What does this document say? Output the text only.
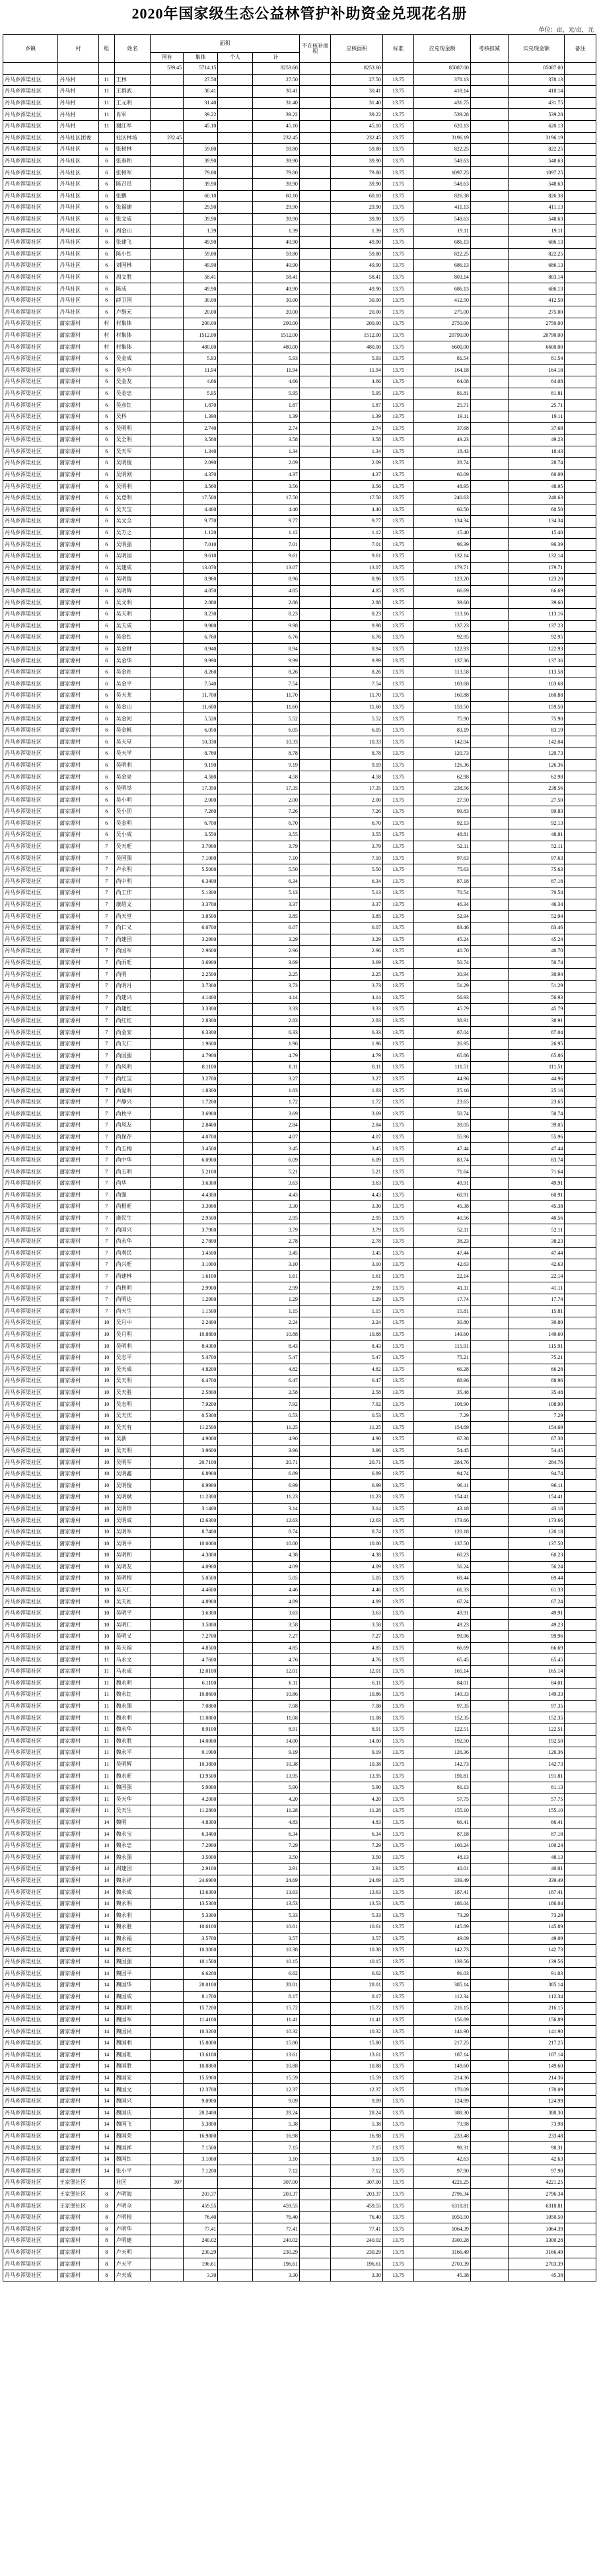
2020年国家级生态公益林管护补助资金兑现花名册
单位：亩，元/亩，元
乡镇	村	组	姓名	面积				不在核补面积	应核面积	标准	应兑现金额	考核扣减	实兑现金额	备注
				国有	集体	个人	计							
				539.45	5714.15		8253.60		8253.60		85087.00		85087.00	
丹马乡浑渠社区	丹马村	11	王林		27.50		27.50		27.50	13.75	378.13		378.13	
丹马乡浑渠社区	丹马村	11	王群武		30.41		30.41		30.41	13.75	418.14		418.14	
丹马乡浑渠社区	丹马村	11	王元明		31.40		31.40		31.40	13.75	431.75		431.75	
丹马乡浑渠社区	丹马村	11	肖军		39.22		39.22		39.22	13.75	539.28		539.28	
丹马乡浑渠社区	丹马村	11	谢江军		45.10		45.10		45.10	13.75	620.13		620.13	
丹马乡浑渠社区	丹马社区团委		社区林场	232.45			232.45		232.45	13.75	3196.19		3196.19	
丹马乡浑渠社区	丹马社区	6	张树林		59.80		59.80		59.80	13.75	822.25		822.25	
丹马乡浑渠社区	丹马社区	6	张春和		39.90		39.90		39.90	13.75	548.63		548.63	
丹马乡浑渠社区	丹马社区	6	张树军		79.80		79.80		79.80	13.75	1097.25		1097.25	
丹马乡浑渠社区	丹马社区	6	陈召员		39.90		39.90		39.90	13.75	548.63		548.63	
丹马乡浑渠社区	丹马社区	6	张鹏		60.10		60.10		60.10	13.75	826.38		826.38	
丹马乡浑渠社区	丹马社区	6	张福建		29.90		29.90		29.90	13.75	411.13		411.13	
丹马乡浑渠社区	丹马社区	6	张文成		39.90		39.90		39.90	13.75	548.63		548.63	
丹马乡浑渠社区	丹马社区	6	周金山		1.39		1.39		1.39	13.75	19.11		19.11	
丹马乡浑渠社区	丹马社区	6	张建飞		49.90		49.90		49.90	13.75	686.13		686.13	
丹马乡浑渠社区	丹马社区	6	陈小红		59.80		59.80		59.80	13.75	822.25		822.25	
丹马乡浑渠社区	丹马社区	6	刘国林		49.90		49.90		49.90	13.75	686.13		686.13	
丹马乡浑渠社区	丹马社区	6	周文胜		58.41		58.41		58.41	13.75	803.14		803.14	
丹马乡浑渠社区	丹马社区	6	陈成		49.90		49.90		49.90	13.75	686.13		686.13	
丹马乡浑渠社区	丹马社区	6	薛卫国		30.00		30.00		30.00	13.75	412.50		412.50	
丹马乡浑渠社区	丹马社区	6	卢维元		20.00		20.00		20.00	13.75	275.00		275.00	
丹马乡浑渠社区	蒲家塬村	村	村集体		200.00		200.00		200.00	13.75	2750.00		2750.00	
丹马乡浑渠社区	蒲家塬村	村	村集体		1512.00		1512.00		1512.00	13.75	20790.00		20790.00	
丹马乡浑渠社区	蒲家塬村	村	村集体		480.00		480.00		480.00	13.75	6600.00		6600.00	
丹马乡浑渠社区	蒲家塬村	6	吴金成		5.93		5.93		5.93	13.75	81.54		81.54	
丹马乡浑渠社区	蒲家塬村	6	吴天华		11.94		11.94		11.94	13.75	164.18		164.18	
丹马乡浑渠社区	蒲家塬村	6	吴金友		4.66		4.66		4.66	13.75	64.08		64.08	
丹马乡浑渠社区	蒲家塬村	6	吴金忠		5.95		5.95		5.95	13.75	81.81		81.81	
丹马乡浑渠社区	蒲家塬村	6	吴彦红		1.870		1.87		1.87	13.75	25.71		25.71	
丹马乡浑渠社区	蒲家塬村	6	吴科		1.390		1.39		1.39	13.75	19.11		19.11	
丹马乡浑渠社区	蒲家塬村	6	吴明明		2.740		2.74		2.74	13.75	37.68		37.68	
丹马乡浑渠社区	蒲家塬村	6	吴全明		3.580		3.58		3.58	13.75	49.23		49.23	
丹马乡浑渠社区	蒲家塬村	6	吴天军		1.340		1.34		1.34	13.75	18.43		18.43	
丹马乡浑渠社区	蒲家塬村	6	吴明俊		2.090		2.09		2.09	13.75	28.74		28.74	
丹马乡浑渠社区	蒲家塬村	6	吴明刚		4.370		4.37		4.37	13.75	60.09		60.09	
丹马乡浑渠社区	蒲家塬村	6	吴明利		3.560		3.56		3.56	13.75	48.95		48.95	
丹马乡浑渠社区	蒲家塬村	6	吴登明		17.500		17.50		17.50	13.75	240.63		240.63	
丹马乡浑渠社区	蒲家塬村	6	吴天宝		4.400		4.40		4.40	13.75	60.50		60.50	
丹马乡浑渠社区	蒲家塬村	6	吴文全		9.770		9.77		9.77	13.75	134.34		134.34	
丹马乡浑渠社区	蒲家塬村	6	吴万之		1.120		1.12		1.12	13.75	15.40		15.40	
丹马乡浑渠社区	蒲家塬村	6	吴明强		7.010		7.01		7.01	13.75	96.39		96.39	
丹马乡浑渠社区	蒲家塬村	6	吴明国		9.610		9.61		9.61	13.75	132.14		132.14	
丹马乡浑渠社区	蒲家塬村	6	吴建成		13.070		13.07		13.07	13.75	179.71		179.71	
丹马乡浑渠社区	蒲家塬村	6	吴明俊		8.960		8.96		8.96	13.75	123.20		123.20	
丹马乡浑渠社区	蒲家塬村	6	吴明辉		4.850		4.85		4.85	13.75	66.69		66.69	
丹马乡浑渠社区	蒲家塬村	6	吴文明		2.880		2.88		2.88	13.75	39.60		39.60	
丹马乡浑渠社区	蒲家塬村	6	吴天明		8.230		8.23		8.23	13.75	113.16		113.16	
丹马乡浑渠社区	蒲家塬村	6	吴天成		9.980		9.98		9.98	13.75	137.23		137.23	
丹马乡浑渠社区	蒲家塬村	6	吴金红		6.760		6.76		6.76	13.75	92.95		92.95	
丹马乡浑渠社区	蒲家塬村	6	吴金财		8.940		8.94		8.94	13.75	122.93		122.93	
丹马乡浑渠社区	蒲家塬村	6	吴金华		9.990		9.99		9.99	13.75	137.36		137.36	
丹马乡浑渠社区	蒲家塬村	6	吴金社		8.260		8.26		8.26	13.75	113.58		113.58	
丹马乡浑渠社区	蒲家塬村	6	吴金平		7.540		7.54		7.54	13.75	103.68		103.68	
丹马乡浑渠社区	蒲家塬村	6	吴天龙		11.700		11.70		11.70	13.75	160.88		160.88	
丹马乡浑渠社区	蒲家塬村	6	吴金山		11.600		11.60		11.60	13.75	159.50		159.50	
丹马乡浑渠社区	蒲家塬村	6	吴金河		5.520		5.52		5.52	13.75	75.90		75.90	
丹马乡浑渠社区	蒲家塬村	6	吴金帆		6.050		6.05		6.05	13.75	83.19		83.19	
丹马乡浑渠社区	蒲家塬村	6	吴天堂		10.330		10.33		10.33	13.75	142.04		142.04	
丹马乡浑渠社区	蒲家塬村	6	吴天学		8.780		8.78		8.78	13.75	120.73		120.73	
丹马乡浑渠社区	蒲家塬村	6	吴明利		9.190		9.19		9.19	13.75	126.36		126.36	
丹马乡浑渠社区	蒲家塬村	6	吴金亮		4.580		4.58		4.58	13.75	62.98		62.98	
丹马乡浑渠社区	蒲家塬村	6	吴明举		17.350		17.35		17.35	13.75	238.56		238.56	
丹马乡浑渠社区	蒲家塬村	6	吴小明		2.000		2.00		2.00	13.75	27.50		27.50	
丹马乡浑渠社区	蒲家塬村	6	吴小团		7.260		7.26		7.26	13.75	99.83		99.83	
丹马乡浑渠社区	蒲家塬村	6	吴金明		6.700		6.70		6.70	13.75	92.13		92.13	
丹马乡浑渠社区	蒲家塬村	6	吴小成		3.550		3.55		3.55	13.75	48.81		48.81	
丹马乡浑渠社区	蒲家塬村	7	吴天旺		3.7900		3.79		3.79	13.75	52.11		52.11	
丹马乡浑渠社区	蒲家塬村	7	吴国强		7.1000		7.10		7.10	13.75	97.63		97.63	
丹马乡浑渠社区	蒲家塬村	7	卢永明		5.5000		5.50		5.50	13.75	75.63		75.63	
丹马乡浑渠社区	蒲家塬村	7	尚中明		6.3400		6.34		6.34	13.75	87.18		87.18	
丹马乡浑渠社区	蒲家塬村	7	尚工作		5.1300		5.13		5.13	13.75	70.54		70.54	
丹马乡浑渠社区	蒲家塬村	7	康绍文		3.3700		3.37		3.37	13.75	46.34		46.34	
丹马乡浑渠社区	蒲家塬村	7	尚天堂		3.8500		3.85		3.85	13.75	52.94		52.94	
丹马乡浑渠社区	蒲家塬村	7	尚仁义		6.0700		6.07		6.07	13.75	83.46		83.46	
丹马乡浑渠社区	蒲家塬村	7	尚建国		3.2900		3.29		3.29	13.75	45.24		45.24	
丹马乡浑渠社区	蒲家塬村	7	尚国军		2.9600		2.96		2.96	13.75	40.70		40.70	
丹马乡浑渠社区	蒲家塬村	7	尚雨旺		3.6900		3.69		3.69	13.75	50.74		50.74	
丹马乡浑渠社区	蒲家塬村	7	尚明		2.2500		2.25		2.25	13.75	30.94		30.94	
丹马乡浑渠社区	蒲家塬村	7	尚明月		3.7300		3.73		3.73	13.75	51.29		51.29	
丹马乡浑渠社区	蒲家塬村	7	尚建兴		4.1400		4.14		4.14	13.75	56.93		56.93	
丹马乡浑渠社区	蒲家塬村	7	尚建红		3.3300		3.33		3.33	13.75	45.79		45.79	
丹马乡浑渠社区	蒲家塬村	7	尚红红		2.8300		2.83		2.83	13.75	38.91		38.91	
丹马乡浑渠社区	蒲家塬村	7	尚金安		6.3300		6.33		6.33	13.75	87.04		87.04	
丹马乡浑渠社区	蒲家塬村	7	尚天仁		1.9600		1.96		1.96	13.75	26.95		26.95	
丹马乡浑渠社区	蒲家塬村	7	尚国强		4.7900		4.79		4.79	13.75	65.86		65.86	
丹马乡浑渠社区	蒲家塬村	7	尚风明		8.1100		8.11		8.11	13.75	111.51		111.51	
丹马乡浑渠社区	蒲家塬村	7	尚红宝		3.2700		3.27		3.27	13.75	44.96		44.96	
丹马乡浑渠社区	蒲家塬村	7	尚爱明		1.8300		1.83		1.83	13.75	25.16		25.16	
丹马乡浑渠社区	蒲家塬村	7	卢静兴		1.7200		1.72		1.72	13.75	23.65		23.65	
丹马乡浑渠社区	蒲家塬村	7	尚秋平		3.6900		3.69		3.69	13.75	50.74		50.74	
丹马乡浑渠社区	蒲家塬村	7	尚风友		2.8400		2.84		2.84	13.75	39.05		39.05	
丹马乡浑渠社区	蒲家塬村	7	尚保存		4.0700		4.07		4.07	13.75	55.96		55.96	
丹马乡浑渠社区	蒲家塬村	7	尚玉梅		3.4500		3.45		3.45	13.75	47.44		47.44	
丹马乡浑渠社区	蒲家塬村	7	尚中华		6.0900		6.09		6.09	13.75	83.74		83.74	
丹马乡浑渠社区	蒲家塬村	7	尚玉明		5.2100		5.21		5.21	13.75	71.64		71.64	
丹马乡浑渠社区	蒲家塬村	7	尚华		3.6300		3.63		3.63	13.75	49.91		49.91	
丹马乡浑渠社区	蒲家塬村	7	尚强		4.4300		4.43		4.43	13.75	60.91		60.91	
丹马乡浑渠社区	蒲家塬村	7	尚根旺		3.3000		3.30		3.30	13.75	45.38		45.38	
丹马乡浑渠社区	蒲家塬村	7	康民生		2.9500		2.95		2.95	13.75	40.56		40.56	
丹马乡浑渠社区	蒲家塬村	7	尚国兴		3.7900		3.79		3.79	13.75	52.11		52.11	
丹马乡浑渠社区	蒲家塬村	7	尚永华		2.7800		2.78		2.78	13.75	38.23		38.23	
丹马乡浑渠社区	蒲家塬村	7	尚利民		3.4500		3.45		3.45	13.75	47.44		47.44	
丹马乡浑渠社区	蒲家塬村	7	尚兴旺		3.1000		3.10		3.10	13.75	42.63		42.63	
丹马乡浑渠社区	蒲家塬村	7	尚建林		1.6100		1.61		1.61	13.75	22.14		22.14	
丹马乡浑渠社区	蒲家塬村	7	尚秋明		2.9900		2.99		2.99	13.75	41.11		41.11	
丹马乡浑渠社区	蒲家塬村	7	尚明达		1.2900		1.29		1.29	13.75	17.74		17.74	
丹马乡浑渠社区	蒲家塬村	7	尚天生		1.1500		1.15		1.15	13.75	15.81		15.81	
丹马乡浑渠社区	蒲家塬村	10	吴月中		2.2400		2.24		2.24	13.75	30.80		30.80	
丹马乡浑渠社区	蒲家塬村	10	吴月明		10.8800		10.88		10.88	13.75	149.60		149.60	
丹马乡浑渠社区	蒲家塬村	10	吴明利		8.4300		8.43		8.43	13.75	115.91		115.91	
丹马乡浑渠社区	蒲家塬村	10	吴志平		5.4700		5.47		5.47	13.75	75.21		75.21	
丹马乡浑渠社区	蒲家塬村	10	吴天成		4.8200		4.82		4.82	13.75	66.28		66.28	
丹马乡浑渠社区	蒲家塬村	10	吴天明		6.4700		6.47		6.47	13.75	88.96		88.96	
丹马乡浑渠社区	蒲家塬村	10	吴天胜		2.5800		2.58		2.58	13.75	35.48		35.48	
丹马乡浑渠社区	蒲家塬村	10	吴志明		7.9200		7.92		7.92	13.75	108.90		108.90	
丹马乡浑渠社区	蒲家塬村	10	吴天庆		0.5300		0.53		0.53	13.75	7.29		7.29	
丹马乡浑渠社区	蒲家塬村	10	吴天有		11.2500		11.25		11.25	13.75	154.69		154.69	
丹马乡浑渠社区	蒲家塬村	10	吴新		4.9000		4.90		4.90	13.75	67.38		67.38	
丹马乡浑渠社区	蒲家塬村	10	吴天明		3.9600		3.96		3.96	13.75	54.45		54.45	
丹马乡浑渠社区	蒲家塬村	10	吴明军		20.7100		20.71		20.71	13.75	284.76		284.76	
丹马乡浑渠社区	蒲家塬村	10	吴明鑫		6.8900		6.89		6.89	13.75	94.74		94.74	
丹马乡浑渠社区	蒲家塬村	10	吴明俊		6.9900		6.99		6.99	13.75	96.11		96.11	
丹马乡浑渠社区	蒲家塬村	10	吴明斌		11.2300		11.23		11.23	13.75	154.41		154.41	
丹马乡浑渠社区	蒲家塬村	10	吴明珍		3.1400		3.14		3.14	13.75	43.18		43.18	
丹马乡浑渠社区	蒲家塬村	10	吴明成		12.6300		12.63		12.63	13.75	173.66		173.66	
丹马乡浑渠社区	蒲家塬村	10	吴明军		8.7400		8.74		8.74	13.75	120.18		120.18	
丹马乡浑渠社区	蒲家塬村	10	吴明平		10.0000		10.00		10.00	13.75	137.50		137.50	
丹马乡浑渠社区	蒲家塬村	10	吴明和		4.3800		4.38		4.38	13.75	60.23		60.23	
丹马乡浑渠社区	蒲家塬村	10	吴明友		4.0900		4.09		4.09	13.75	56.24		56.24	
丹马乡浑渠社区	蒲家塬村	10	吴明根		5.0500		5.05		5.05	13.75	69.44		69.44	
丹马乡浑渠社区	蒲家塬村	10	吴天仁		4.4600		4.46		4.46	13.75	61.33		61.33	
丹马乡浑渠社区	蒲家塬村	10	吴天社		4.8900		4.89		4.89	13.75	67.24		67.24	
丹马乡浑渠社区	蒲家塬村	10	吴明平		3.6300		3.63		3.63	13.75	49.91		49.91	
丹马乡浑渠社区	蒲家塬村	10	吴明仁		3.5800		3.58		3.58	13.75	49.23		49.23	
丹马乡浑渠社区	蒲家塬村	10	吴明义		7.2700		7.27		7.27	13.75	99.96		99.96	
丹马乡浑渠社区	蒲家塬村	10	吴天福		4.8500		4.85		4.85	13.75	66.69		66.69	
丹马乡浑渠社区	蒲家塬村	11	马永文		4.7600		4.76		4.76	13.75	65.45		65.45	
丹马乡浑渠社区	蒲家塬村	11	马永成		12.0100		12.01		12.01	13.75	165.14		165.14	
丹马乡浑渠社区	蒲家塬村	11	魏永明		6.1100		6.11		6.11	13.75	84.01		84.01	
丹马乡浑渠社区	蒲家塬村	11	魏永红		10.8600		10.86		10.86	13.75	149.33		149.33	
丹马乡浑渠社区	蒲家塬村	11	魏永强		7.0800		7.08		7.08	13.75	97.35		97.35	
丹马乡浑渠社区	蒲家塬村	11	魏永利		11.0800		11.08		11.08	13.75	152.35		152.35	
丹马乡浑渠社区	蒲家塬村	11	魏永华		8.9100		8.91		8.91	13.75	122.51		122.51	
丹马乡浑渠社区	蒲家塬村	11	魏永胜		14.0000		14.00		14.00	13.75	192.50		192.50	
丹马乡浑渠社区	蒲家塬村	11	魏永平		9.1900		9.19		9.19	13.75	126.36		126.36	
丹马乡浑渠社区	蒲家塬村	11	吴明辉		10.3800		10.38		10.38	13.75	142.73		142.73	
丹马乡浑渠社区	蒲家塬村	11	魏永旺		13.9500		13.95		13.95	13.75	191.81		191.81	
丹马乡浑渠社区	蒲家塬村	11	魏国强		5.9000		5.90		5.90	13.75	81.13		81.13	
丹马乡浑渠社区	蒲家塬村	11	吴天华		4.2000		4.20		4.20	13.75	57.75		57.75	
丹马乡浑渠社区	蒲家塬村	11	吴天生		11.2800		11.28		11.28	13.75	155.10		155.10	
丹马乡浑渠社区	蒲家塬村	14	魏明		4.8300		4.83		4.83	13.75	66.41		66.41	
丹马乡浑渠社区	蒲家塬村	14	魏永宝		6.3400		6.34		6.34	13.75	87.18		87.18	
丹马乡浑渠社区	蒲家塬村	14	魏永忠		7.2900		7.29		7.29	13.75	100.24		100.24	
丹马乡浑渠社区	蒲家塬村	14	魏永强		3.5000		3.50		3.50	13.75	48.13		48.13	
丹马乡浑渠社区	蒲家塬村	14	周建国		2.9100		2.91		2.91	13.75	40.01		40.01	
丹马乡浑渠社区	蒲家塬村	14	魏永祥		24.6900		24.69		24.69	13.75	339.49		339.49	
丹马乡浑渠社区	蒲家塬村	14	魏永成		13.6300		13.63		13.63	13.75	187.41		187.41	
丹马乡浑渠社区	蒲家塬村	14	魏永明		13.5300		13.53		13.53	13.75	186.04		186.04	
丹马乡浑渠社区	蒲家塬村	14	魏永利		5.3300		5.33		5.33	13.75	73.29		73.29	
丹马乡浑渠社区	蒲家塬村	14	魏永胜		10.6100		10.61		10.61	13.75	145.89		145.89	
丹马乡浑渠社区	蒲家塬村	14	魏永福		3.5700		3.57		3.57	13.75	49.09		49.09	
丹马乡浑渠社区	蒲家塬村	14	魏永红		10.3800		10.38		10.38	13.75	142.73		142.73	
丹马乡浑渠社区	蒲家塬村	14	魏国强		10.1500		10.15		10.15	13.75	139.56		139.56	
丹马乡浑渠社区	蒲家塬村	14	魏国平		6.6200		6.62		6.62	13.75	91.03		91.03	
丹马乡浑渠社区	蒲家塬村	14	魏国华		28.0100		28.01		28.01	13.75	385.14		385.14	
丹马乡浑渠社区	蒲家塬村	14	魏国成		8.1700		8.17		8.17	13.75	112.34		112.34	
丹马乡浑渠社区	蒲家塬村	14	魏国明		15.7200		15.72		15.72	13.75	216.15		216.15	
丹马乡浑渠社区	蒲家塬村	14	魏国军		11.4100		11.41		11.41	13.75	156.89		156.89	
丹马乡浑渠社区	蒲家塬村	14	魏国民		10.3200		10.32		10.32	13.75	141.90		141.90	
丹马乡浑渠社区	蒲家塬村	14	魏国利		15.8000		15.80		15.80	13.75	217.25		217.25	
丹马乡浑渠社区	蒲家塬村	14	魏国旺		13.6100		13.61		13.61	13.75	187.14		187.14	
丹马乡浑渠社区	蒲家塬村	14	魏国胜		10.8800		10.88		10.88	13.75	149.60		149.60	
丹马乡浑渠社区	蒲家塬村	14	魏国安		15.5900		15.59		15.59	13.75	214.36		214.36	
丹马乡浑渠社区	蒲家塬村	14	魏国文		12.3700		12.37		12.37	13.75	170.09		170.09	
丹马乡浑渠社区	蒲家塬村	14	魏国兴		9.0900		9.09		9.09	13.75	124.99		124.99	
丹马乡浑渠社区	蒲家塬村	14	魏国庆		28.2400		28.24		28.24	13.75	388.30		388.30	
丹马乡浑渠社区	蒲家塬村	14	魏国飞		5.3800		5.38		5.38	13.75	73.98		73.98	
丹马乡浑渠社区	蒲家塬村	14	魏国荣		16.9800		16.98		16.98	13.75	233.48		233.48	
丹马乡浑渠社区	蒲家塬村	14	魏国祥		7.1500		7.15		7.15	13.75	98.31		98.31	
丹马乡浑渠社区	蒲家塬村	14	魏国红		3.1000		3.10		3.10	13.75	42.63		42.63	
丹马乡浑渠社区	蒲家塬村	14	张小平		7.1200		7.12		7.12	13.75	97.90		97.90	
丹马乡浑渠社区	王家堡社区		社区	307			307.00		307.00	13.75	4221.25		4221.25	
丹马乡浑渠社区	王家堡社区	8	卢明海		203.37		203.37		203.37	13.75	2796.34		2796.34	
丹马乡浑渠社区	王家堡社区	8	卢明全		459.55		459.55		459.55	13.75	6318.81		6318.81	
丹马乡浑渠社区	蒲家塬村	8	卢明根		76.40		76.40		76.40	13.75	1050.50		1050.50	
丹马乡浑渠社区	蒲家塬村	8	卢明华		77.41		77.41		77.41	13.75	1064.39		1064.39	
丹马乡浑渠社区	蒲家塬村	8	卢明建		240.02		240.02		240.02	13.75	3300.28		3300.28	
丹马乡浑渠社区	蒲家塬村	8	卢天明		230.29		230.29		230.29	13.75	3166.49		3166.49	
丹马乡浑渠社区	蒲家塬村	8	卢天平		196.61		196.61		196.61	13.75	2703.39		2703.39	
丹马乡浑渠社区	蒲家塬村	8	卢天成		3.30		3.30		3.30	13.75	45.38		45.38	
